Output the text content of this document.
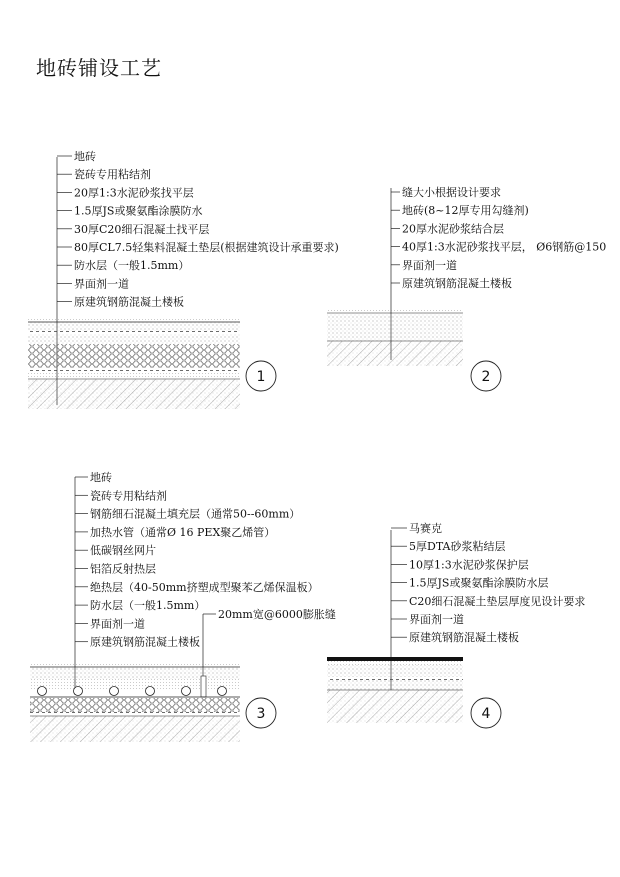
地砖铺设工艺
地砖
瓷砖专用粘结剂
20厚1:3水泥砂浆找平层
1.5厚JS或聚氨酯涂膜防水
30厚C20细石混凝土找平层
80厚CL7.5轻集料混凝土垫层(根据建筑设计承重要求)
防水层（一般1.5mm）
界面剂一道
原建筑钢筋混凝土楼板
1
缝大小根据设计要求
地砖(8~12厚专用勾缝剂)
20厚水泥砂浆结合层
40厚1:3水泥砂浆找平层， Ø6钢筋@150
界面剂一道
原建筑钢筋混凝土楼板
2
地砖
瓷砖专用粘结剂
钢筋细石混凝土填充层（通常50--60mm）
加热水管（通常Ø 16 PEX聚乙烯管）
低碳钢丝网片
铝箔反射热层
绝热层（40-50mm挤塑成型聚苯乙烯保温板）
防水层（一般1.5mm）
界面剂一道
原建筑钢筋混凝土楼板
20mm宽@6000膨胀缝
3
马赛克
5厚DTA砂浆粘结层
10厚1:3水泥砂浆保护层
1.5厚JS或聚氨酯涂膜防水层
C20细石混凝土垫层厚度见设计要求
界面剂一道
原建筑钢筋混凝土楼板
4
